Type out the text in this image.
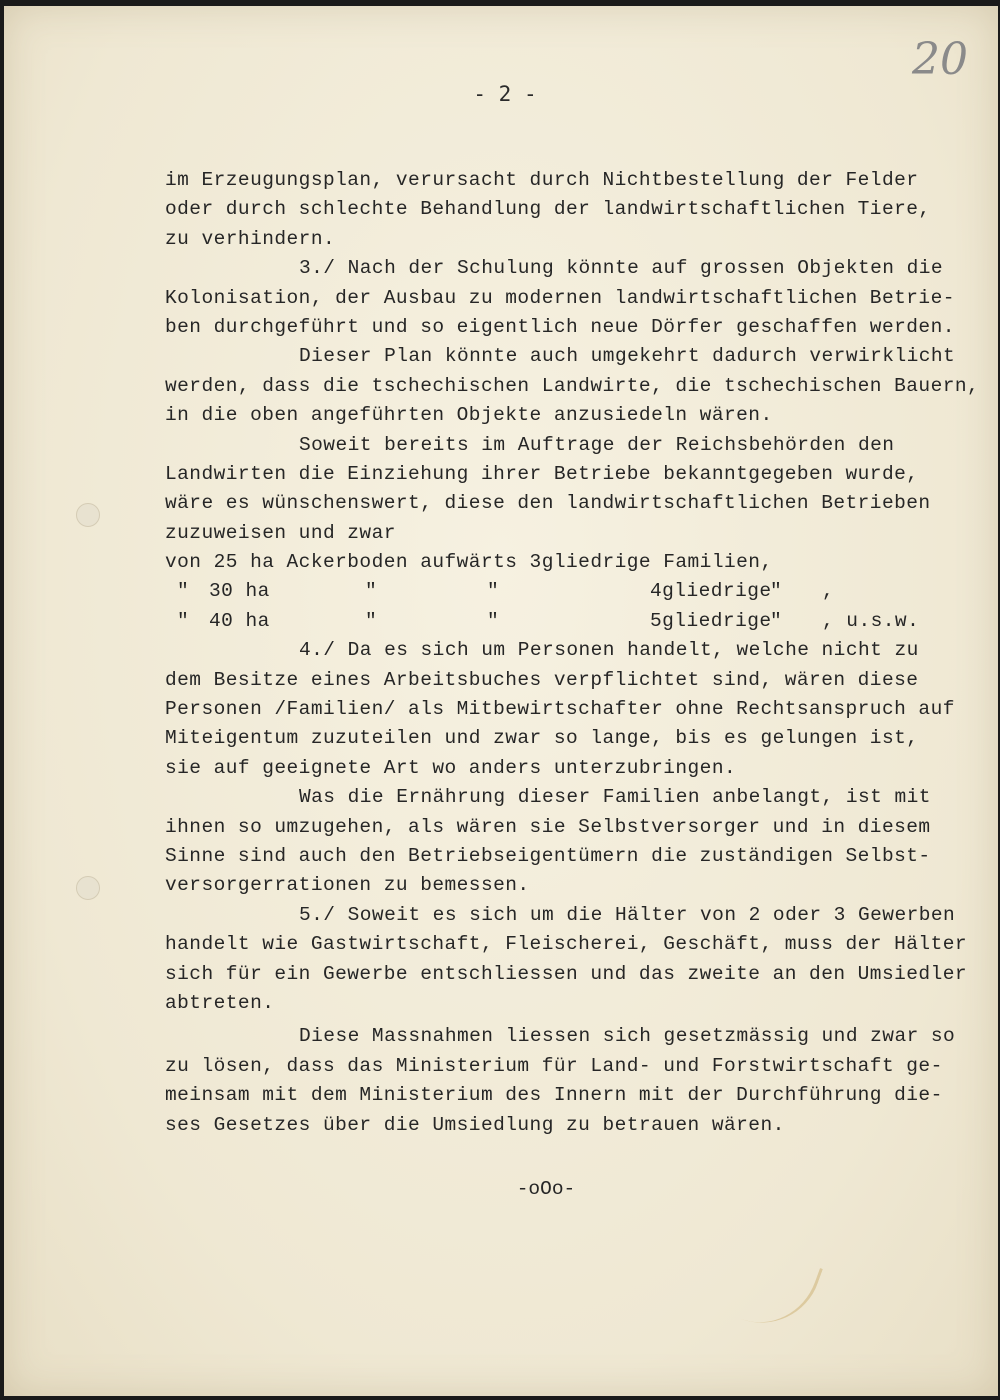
20
- 2 -
im Erzeugungsplan, verursacht durch Nichtbestellung der Felder
oder durch schlechte Behandlung der landwirtschaftlichen Tiere,
zu verhindern.
3./ Nach der Schulung könnte auf grossen Objekten die
Kolonisation, der Ausbau zu modernen landwirtschaftlichen Betrie-
ben durchgeführt und so eigentlich neue Dörfer geschaffen werden.
Dieser Plan könnte auch umgekehrt dadurch verwirklicht
werden, dass die tschechischen Landwirte, die tschechischen Bauern,
in die oben angeführten Objekte anzusiedeln wären.
Soweit bereits im Auftrage der Reichsbehörden den
Landwirten die Einziehung ihrer Betriebe bekanntgegeben wurde,
wäre es wünschenswert, diese den landwirtschaftlichen Betrieben
zuzuweisen und zwar
von 25 ha Ackerboden aufwärts 3gliedrige Familien,
" 30 ha	"	"	4gliedrige" ,
" 40 ha	"	"	5gliedrige" , u.s.w.
4./ Da es sich um Personen handelt, welche nicht zu
dem Besitze eines Arbeitsbuches verpflichtet sind, wären diese
Personen /Familien/ als Mitbewirtschafter ohne Rechtsanspruch auf
Miteigentum zuzuteilen und zwar so lange, bis es gelungen ist,
sie auf geeignete Art wo anders unterzubringen.
Was die Ernährung dieser Familien anbelangt, ist mit
ihnen so umzugehen, als wären sie Selbstversorger und in diesem
Sinne sind auch den Betriebseigentümern die zuständigen Selbst-
versorgerrationen zu bemessen.
5./ Soweit es sich um die Hälter von 2 oder 3 Gewerben
handelt wie Gastwirtschaft, Fleischerei, Geschäft, muss der Hälter
sich für ein Gewerbe entschliessen und das zweite an den Umsiedler
abtreten.
Diese Massnahmen liessen sich gesetzmässig und zwar so
zu lösen, dass das Ministerium für Land- und Forstwirtschaft ge-
meinsam mit dem Ministerium des Innern mit der Durchführung die-
ses Gesetzes über die Umsiedlung zu betrauen wären.
-oOo-
